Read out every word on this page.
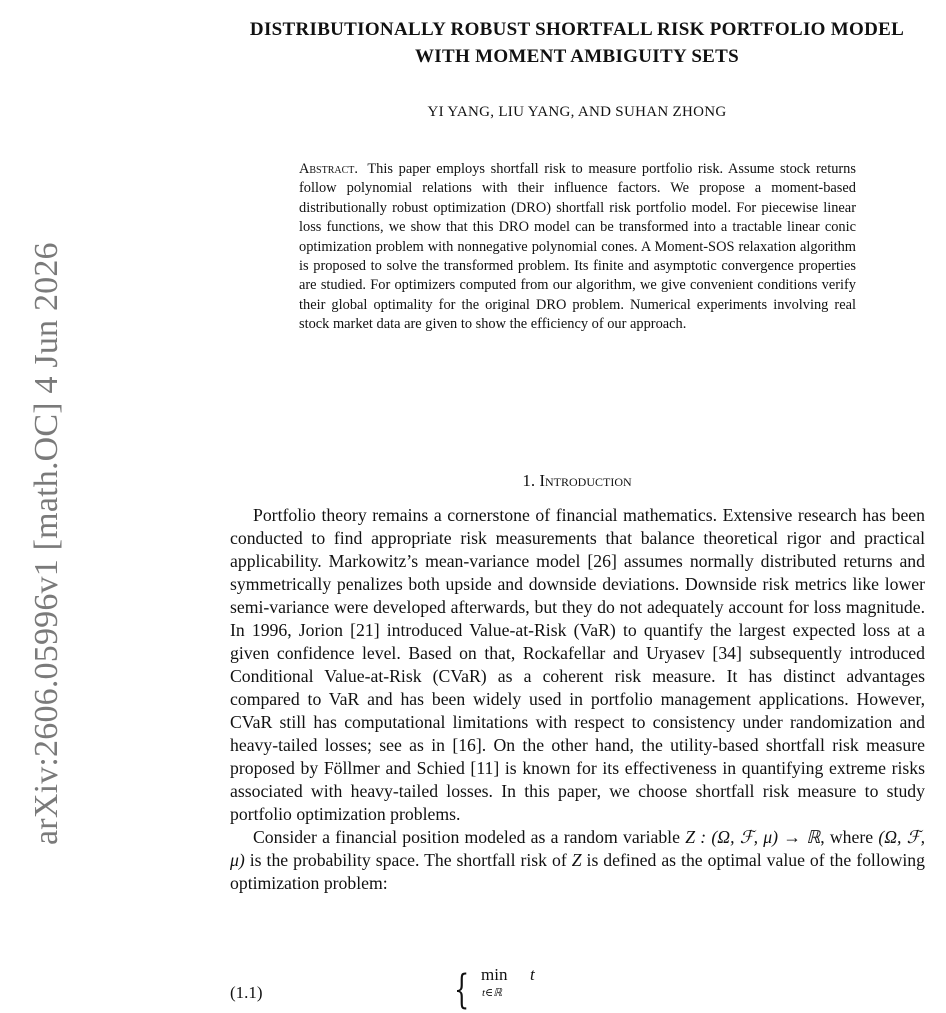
arXiv:2606.05996v1 [math.OC] 4 Jun 2026
DISTRIBUTIONALLY ROBUST SHORTFALL RISK PORTFOLIO MODEL WITH MOMENT AMBIGUITY SETS
YI YANG, LIU YANG, AND SUHAN ZHONG
Abstract. This paper employs shortfall risk to measure portfolio risk. Assume stock returns follow polynomial relations with their influence factors. We propose a moment-based distributionally robust optimization (DRO) shortfall risk portfolio model. For piecewise linear loss functions, we show that this DRO model can be transformed into a tractable linear conic optimization problem with nonnegative polynomial cones. A Moment-SOS relaxation algorithm is proposed to solve the transformed problem. Its finite and asymptotic convergence properties are studied. For optimizers computed from our algorithm, we give convenient conditions verify their global optimality for the original DRO problem. Numerical experiments involving real stock market data are given to show the efficiency of our approach.
1. Introduction

Portfolio theory remains a cornerstone of financial mathematics. Extensive research has been conducted to find appropriate risk measurements that balance theoretical rigor and practical applicability. Markowitz’s mean-variance model [26] assumes normally distributed returns and symmetrically penalizes both upside and downside deviations. Downside risk metrics like lower semi-variance were developed afterwards, but they do not adequately account for loss magnitude. In 1996, Jorion [21] introduced Value-at-Risk (VaR) to quantify the largest expected loss at a given confidence level. Based on that, Rockafellar and Uryasev [34] subsequently introduced Conditional Value-at-Risk (CVaR) as a coherent risk measure. It has distinct advantages compared to VaR and has been widely used in portfolio management applications. However, CVaR still has computational limitations with respect to consistency under randomization and heavy-tailed losses; see as in [16]. On the other hand, the utility-based shortfall risk measure proposed by Föllmer and Schied [11] is known for its effectiveness in quantifying extreme risks associated with heavy-tailed losses. In this paper, we choose shortfall risk measure to study portfolio optimization problems.

Consider a financial position modeled as a random variable Z : (Ω, ℱ, μ) → ℝ, where (Ω, ℱ, μ) is the probability space. The shortfall risk of Z is defined as the optimal value of the following optimization problem:

(1.1)	{ min
t∈ℝ
t
